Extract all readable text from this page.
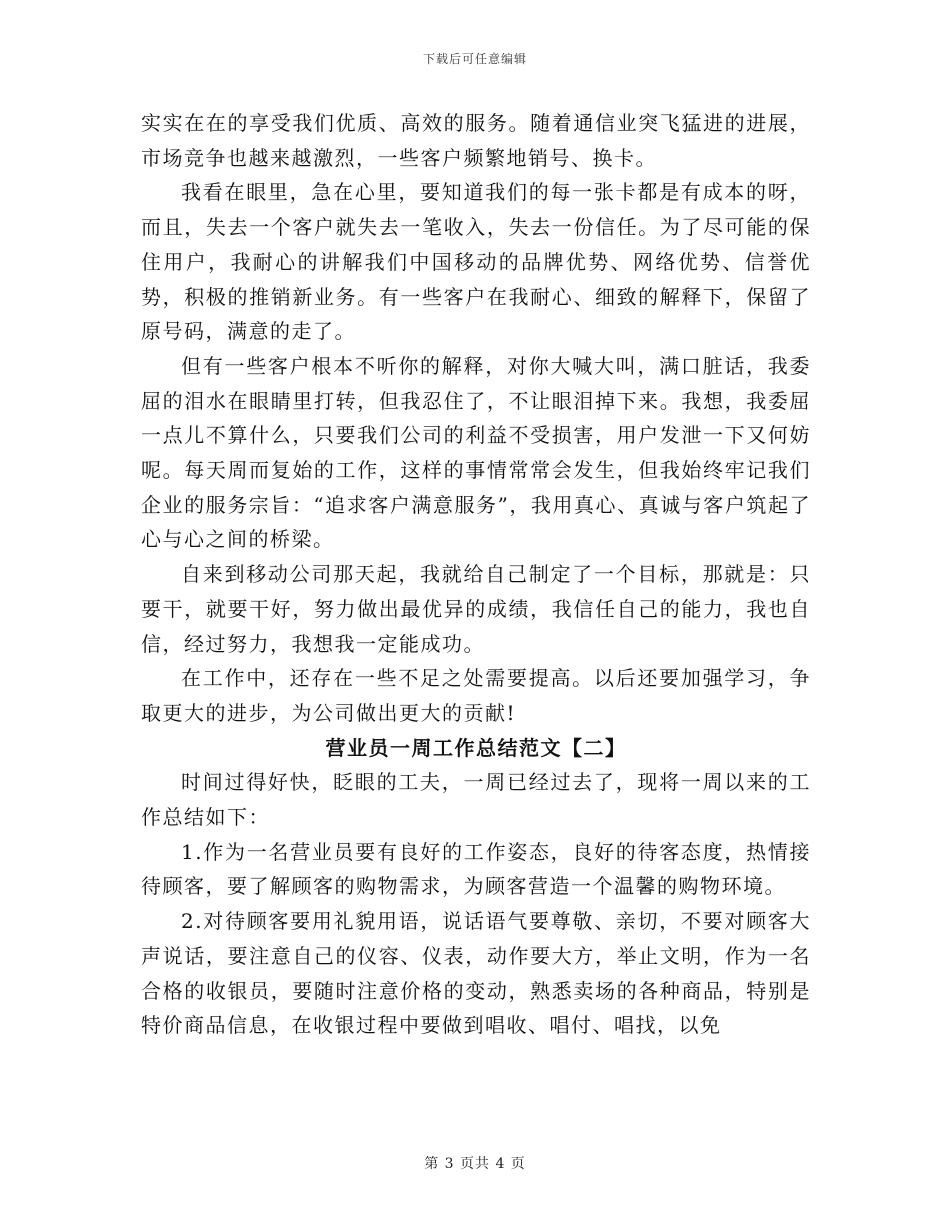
下载后可任意编辑

实实在在的享受我们优质、高效的服务。随着通信业突飞猛进的进展，市场竞争也越来越激烈，一些客户频繁地销号、换卡。

我看在眼里，急在心里，要知道我们的每一张卡都是有成本的呀，而且，失去一个客户就失去一笔收入，失去一份信任。为了尽可能的保住用户，我耐心的讲解我们中国移动的品牌优势、网络优势、信誉优势，积极的推销新业务。有一些客户在我耐心、细致的解释下，保留了原号码，满意的走了。

但有一些客户根本不听你的解释，对你大喊大叫，满口脏话，我委屈的泪水在眼睛里打转，但我忍住了，不让眼泪掉下来。我想，我委屈一点儿不算什么，只要我们公司的利益不受损害，用户发泄一下又何妨呢。每天周而复始的工作，这样的事情常常会发生，但我始终牢记我们企业的服务宗旨：“追求客户满意服务”，我用真心、真诚与客户筑起了心与心之间的桥梁。

自来到移动公司那天起，我就给自己制定了一个目标，那就是：只要干，就要干好，努力做出最优异的成绩，我信任自己的能力，我也自信，经过努力，我想我一定能成功。

在工作中，还存在一些不足之处需要提高。以后还要加强学习，争取更大的进步，为公司做出更大的贡献!

营业员一周工作总结范文【二】

时间过得好快，眨眼的工夫，一周已经过去了，现将一周以来的工作总结如下：

1.作为一名营业员要有良好的工作姿态，良好的待客态度，热情接待顾客，要了解顾客的购物需求，为顾客营造一个温馨的购物环境。

2.对待顾客要用礼貌用语，说话语气要尊敬、亲切，不要对顾客大声说话，要注意自己的仪容、仪表，动作要大方，举止文明，作为一名合格的收银员，要随时注意价格的变动，熟悉卖场的各种商品，特别是特价商品信息，在收银过程中要做到唱收、唱付、唱找，以免

第 3 页共 4 页
